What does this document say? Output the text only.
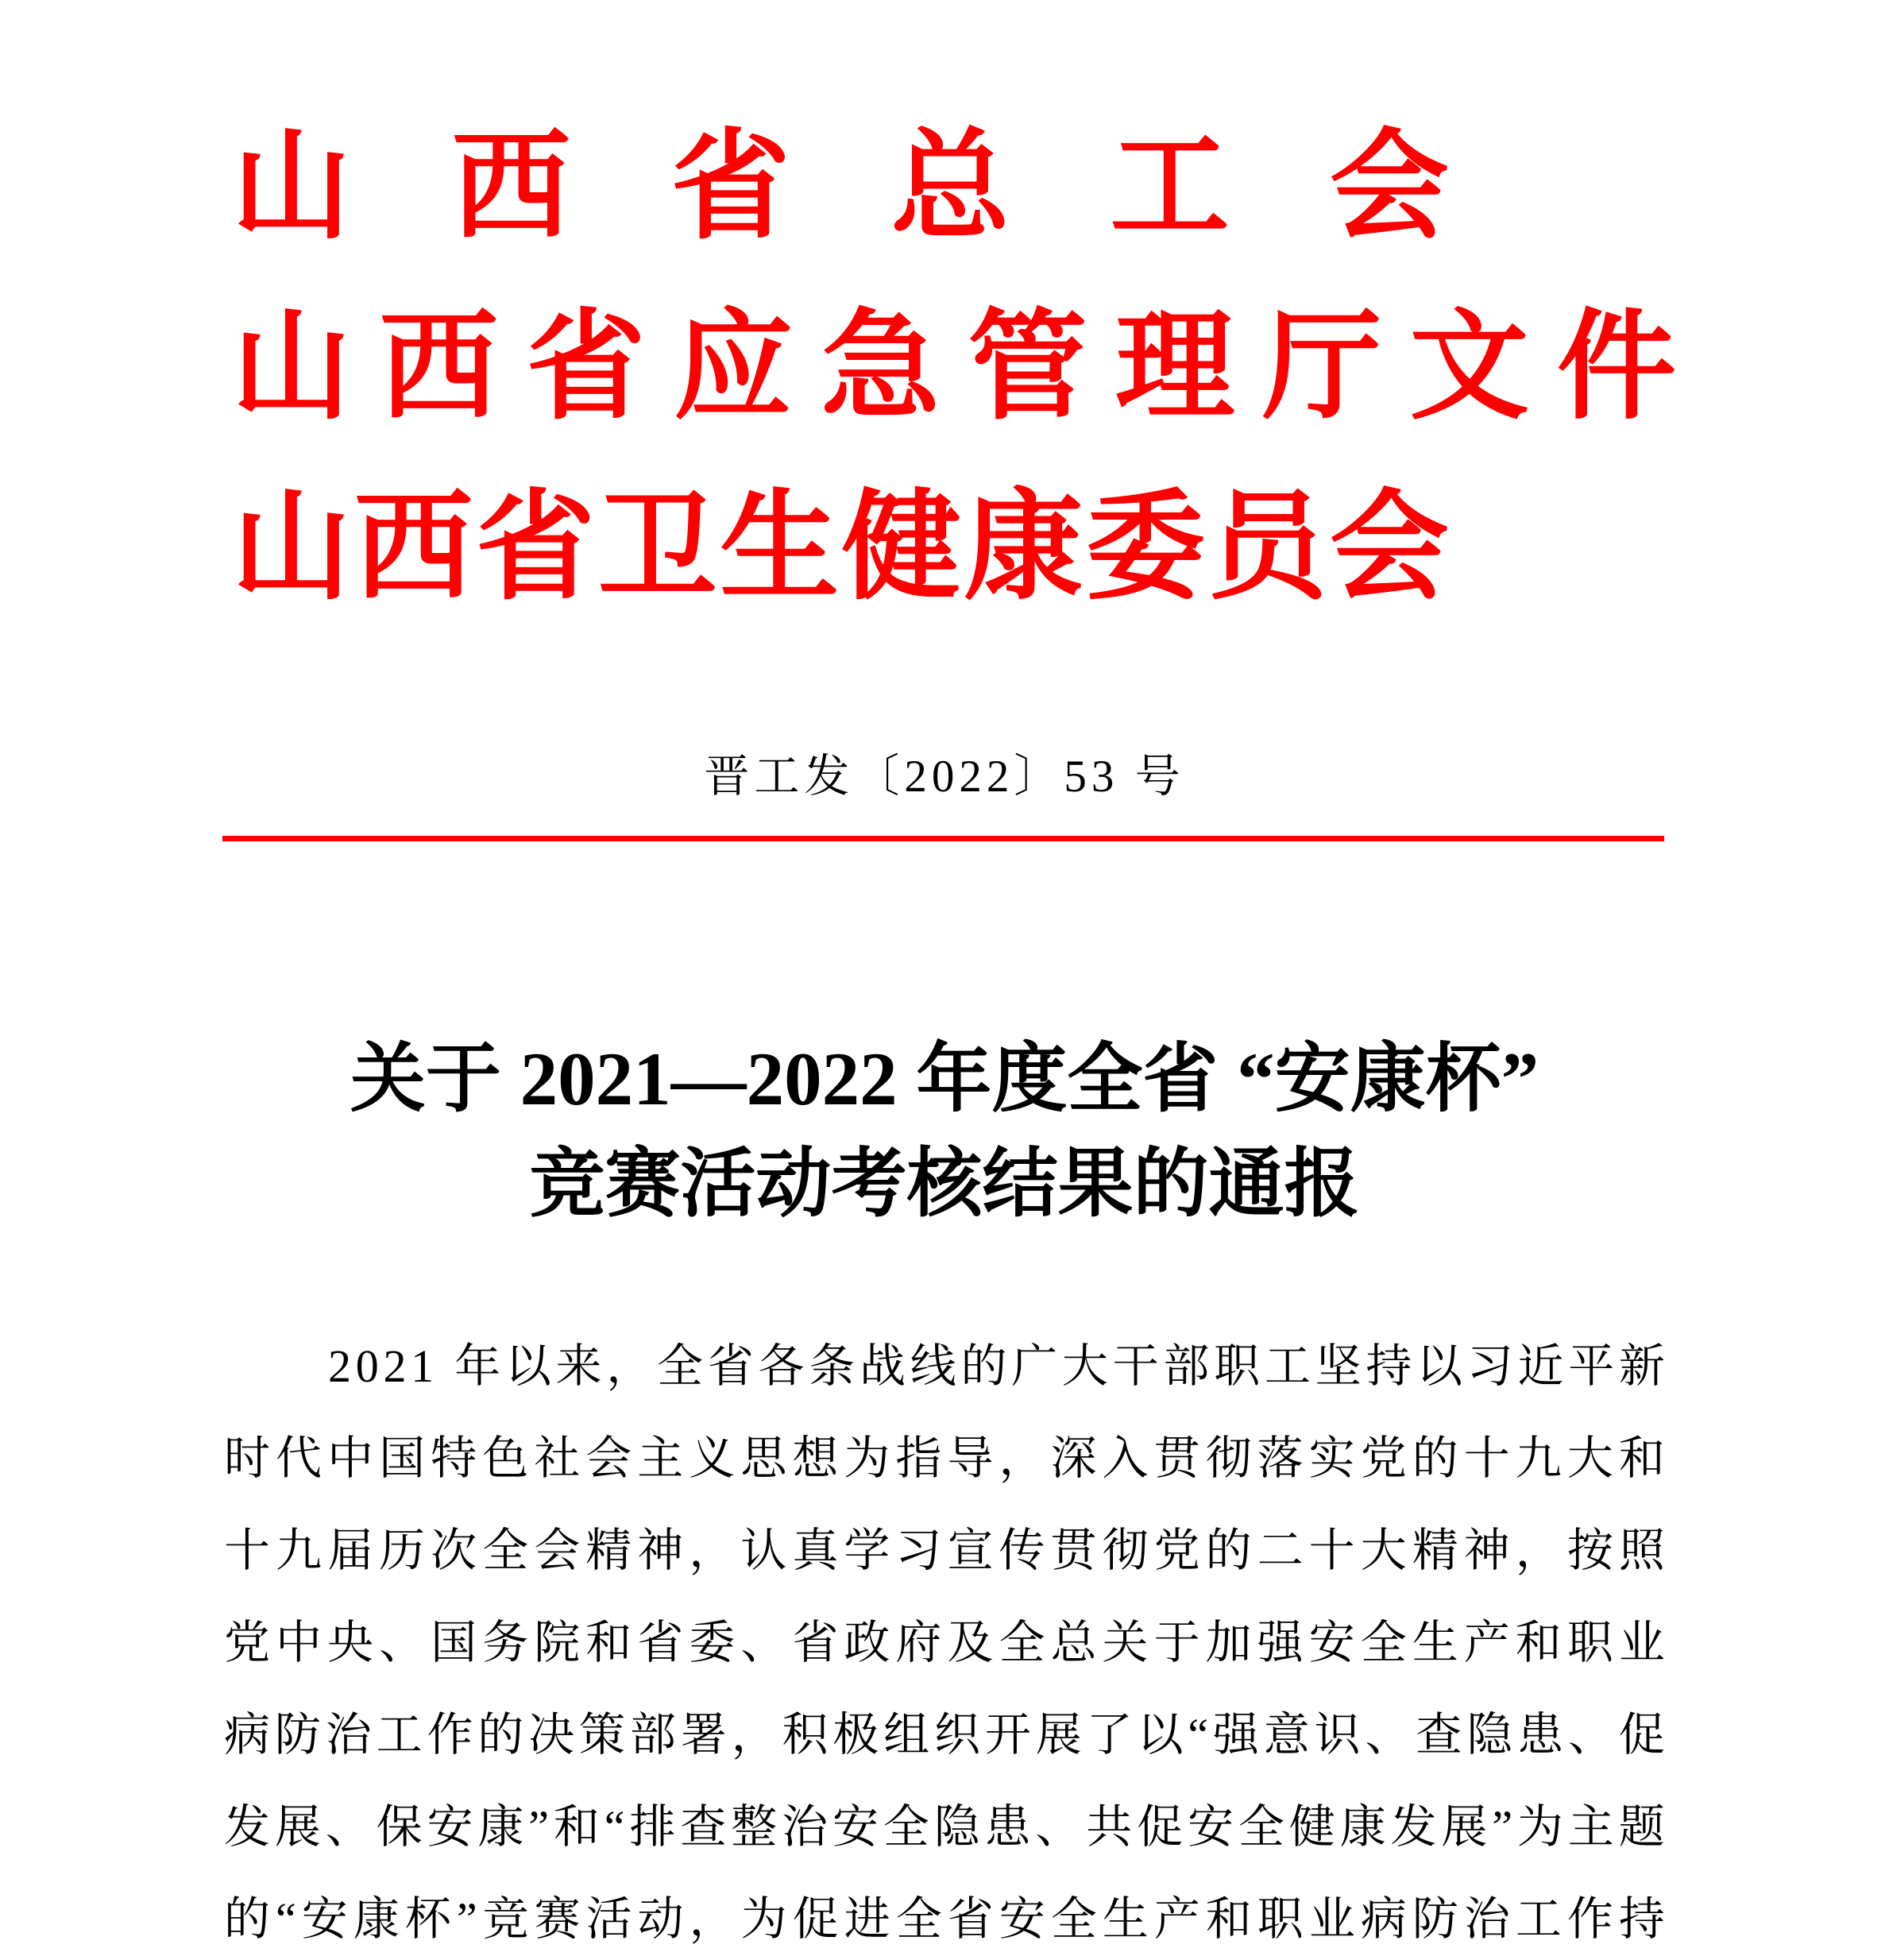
山 西 省 总 工 会
山 西 省 应 急 管 理 厅 文 件
山 西 省 卫 生 健 康 委 员 会
晋工发〔2022〕53 号
关于 2021—2022 年度全省 “安康杯”
竞赛活动考核结果的通报
2 0 2 1
年 以 来 ， 全 省 各 条 战 线 的 广 大 干 部 职 工 坚 持 以 习 近 平 新
时 代 中 国 特 色 社 会 主 义 思 想 为 指 导 ， 深 入 贯 彻 落 实 党 的 十 九 大 和
十 九 届 历 次 全 会 精 神 ， 认 真 学 习 宣 传 贯 彻 党 的 二 十 大 精 神 ， 按 照
党 中 央 、 国 务 院 和 省 委 、 省 政 府 及 全 总 关 于 加 强 安 全 生 产 和 职 业
病 防 治 工 作 的 决 策 部 署 ， 积 极 组 织 开 展 了 以 “ 强 意 识 、 查 隐 患 、 促
发 展 、 保 安 康 ” 和 “ 排 查 整 治 安 全 隐 患 、 共 促 安 全 健 康 发 展 ” 为 主 题
的 “ 安 康 杯 ” 竞 赛 活 动 ， 为 促 进 全 省 安 全 生 产 和 职 业 病 防 治 工 作 持
